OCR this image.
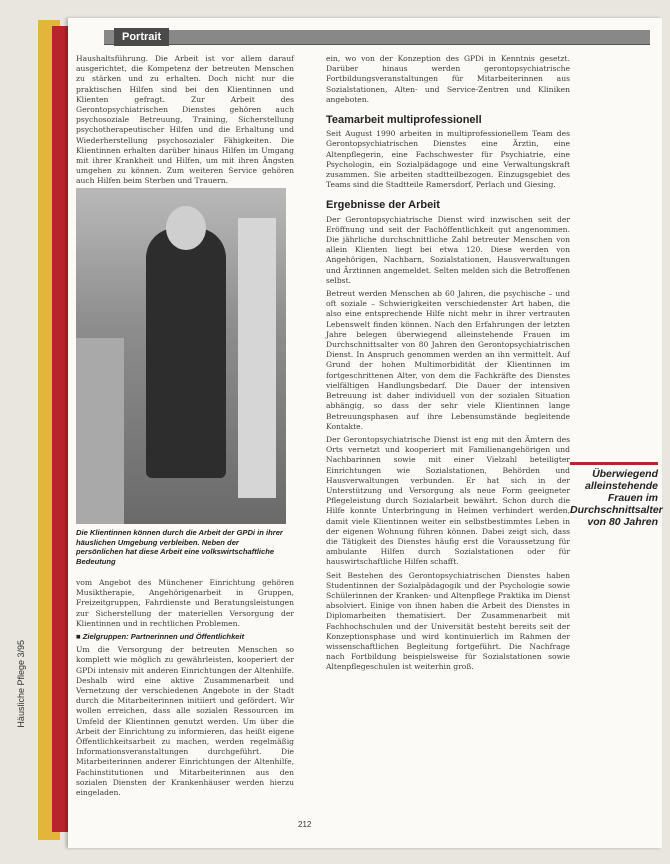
Portrait
Häusliche Pflege 3/95

Haushaltsführung. Die Arbeit ist vor allem darauf ausgerichtet, die Kompetenz der betreuten Menschen zu stärken und zu erhalten. Doch nicht nur die praktischen Hilfen sind bei den Klientinnen und Klienten gefragt. Zur Arbeit des Gerontopsychiatrischen Dienstes gehören auch psychosoziale Betreuung, Training, Sicherstellung psychotherapeutischer Hilfen und die Erhaltung und Wiederherstellung psychosozialer Fähigkeiten. Die Klientinnen erhalten darüber hinaus Hilfen im Umgang mit ihrer Krankheit und Hilfen, um mit ihren Ängsten umgehen zu können. Zum weiteren Service gehören auch Hilfen beim Sterben und Trauern.

Die Klientinnen können durch die Arbeit der GPDi in ihrer häuslichen Umgebung verbleiben. Neben der persönlichen hat diese Arbeit eine volkswirtschaftliche Bedeutung

vom Angebot des Münchener Einrichtung gehören Musiktherapie, Angehörigenarbeit in Gruppen, Freizeitgruppen, Fahrdienste und Beratungsleistungen zur Sicherstellung der materiellen Versorgung der Klientinnen und in rechtlichen Problemen.

■ Zielgruppen: Partnerinnen und Öffentlichkeit

Um die Versorgung der betreuten Menschen so komplett wie möglich zu gewährleisten, kooperiert der GPDi intensiv mit anderen Einrichtungen der Altenhilfe. Deshalb wird eine aktive Zusammenarbeit und Vernetzung der verschiedenen Angebote in der Stadt durch die Mitarbeiterinnen initiiert und gefördert. Wir wollen erreichen, dass alle sozialen Ressourcen im Umfeld der Klientinnen genutzt werden. Um über die Arbeit der Einrichtung zu informieren, das heißt eigene Öffentlichkeitsarbeit zu machen, werden regelmäßig Informationsveranstaltungen durchgeführt. Die Mitarbeiterinnen anderer Einrichtungen der Altenhilfe, Fachinstitutionen und Mitarbeiterinnen aus den sozialen Diensten der Krankenhäuser werden hierzu eingeladen.

ein, wo von der Konzeption des GPDi in Kenntnis gesetzt. Darüber hinaus werden gerontopsychiatrische Fortbildungsveranstaltungen für Mitarbeiterinnen aus Sozialstationen, Alten- und Service-Zentren und Kliniken angeboten.

Teamarbeit multiprofessionell

Seit August 1990 arbeiten in multiprofessionellem Team des Gerontopsychiatrischen Dienstes eine Ärztin, eine Altenpflegerin, eine Fachschwester für Psychiatrie, eine Psychologin, ein Sozialpädagoge und eine Verwaltungskraft zusammen. Sie arbeiten stadtteilbezogen. Einzugsgebiet des Teams sind die Stadtteile Ramersdorf, Perlach und Giesing.

Ergebnisse der Arbeit

Der Gerontopsychiatrische Dienst wird inzwischen seit der Eröffnung und seit der Fachöffentlichkeit gut angenommen. Die jährliche durchschnittliche Zahl betreuter Menschen von allein Klienten liegt bei etwa 120. Diese werden von Angehörigen, Nachbarn, Sozialstationen, Hausverwaltungen und Ärztinnen angemeldet. Selten melden sich die Betroffenen selbst.

Betreut werden Menschen ab 60 Jahren, die psychische – und oft soziale – Schwierigkeiten verschiedenster Art haben, die also eine entsprechende Hilfe nicht mehr in ihrer vertrauten Lebenswelt finden können. Nach den Erfahrungen der letzten Jahre belegen überwiegend alleinstehende Frauen im Durchschnittsalter von 80 Jahren den Gerontopsychiatrischen Dienst. In Anspruch genommen werden an ihn vermittelt. Auf Grund der hohen Multimorbidität der Klientinnen im fortgeschrittenen Alter, von dem die Fachkräfte des Dienstes vielfältigen Handlungsbedarf. Die Dauer der intensiven Betreuung ist daher individuell von der sozialen Situation abhängig, so dass der sehr viele Klientinnen lange Betreuungsphasen auf ihre Lebensumstände begleitende Kontakte.

Der Gerontopsychiatrische Dienst ist eng mit den Ämtern des Orts vernetzt und kooperiert mit Familienangehörigen und Nachbarinnen sowie mit einer Vielzahl beteiligter Einrichtungen wie Sozialstationen, Behörden und Hausverwaltungen verbunden. Er hat sich in der Unterstützung und Versorgung als neue Form geeigneter Pflegeleistung durch Sozialarbeit bewährt. Schon durch die Hilfe konnte Unterbringung in Heimen verhindert werden, damit viele Klientinnen weiter ein selbstbestimmtes Leben in der eigenen Wohnung führen können. Dabei zeigt sich, dass die Tätigkeit des Dienstes häufig erst die Voraussetzung für ambulante Hilfen durch Sozialstationen oder für hauswirtschaftliche Hilfen schafft.

Seit Bestehen des Gerontopsychiatrischen Dienstes haben Studentinnen der Sozialpädagogik und der Psychologie sowie Schülerinnen der Kranken- und Altenpflege Praktika im Dienst absolviert. Einige von ihnen haben die Arbeit des Dienstes in Diplomarbeiten thematisiert. Der Zusammenarbeit mit Fachhochschulen und der Universität besteht bereits seit der Konzeptionsphase und wird kontinuierlich im Rahmen der wissenschaftlichen Begleitung fortgeführt. Die Nachfrage nach Fortbildung beispielsweise für Sozialstationen sowie Altenpflegeschulen ist weiterhin groß.

Überwiegend alleinstehende Frauen im Durchschnittsalter von 80 Jahren
212
